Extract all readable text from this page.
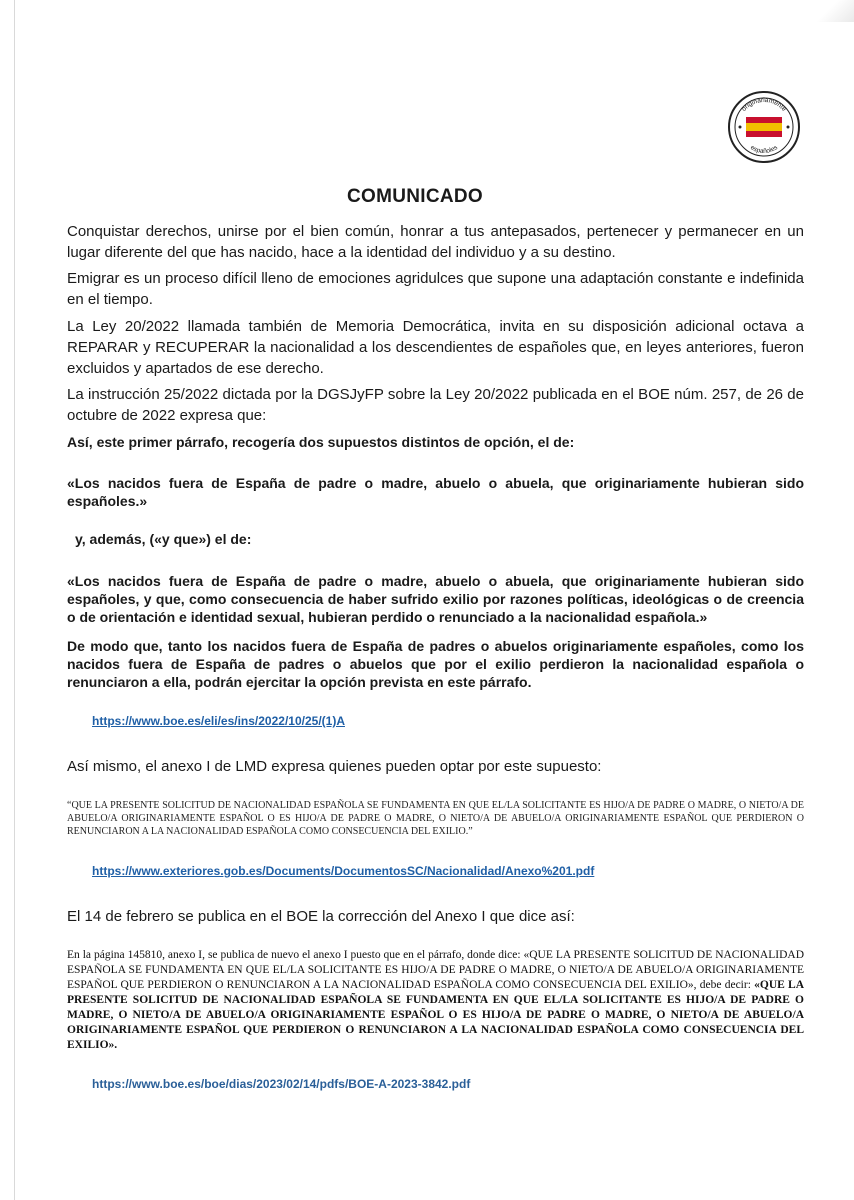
originariamente
españoles
COMUNICADO

Conquistar derechos, unirse por el bien común, honrar a tus antepasados, pertenecer y permanecer en un lugar diferente del que has nacido, hace a la identidad del individuo y a su destino.

Emigrar es un proceso difícil lleno de emociones agridulces que supone una adaptación constante e indefinida en el tiempo.

La Ley 20/2022 llamada también de Memoria Democrática, invita en su disposición adicional octava a REPARAR y RECUPERAR la nacionalidad a los descendientes de españoles que, en leyes anteriores, fueron excluidos y apartados de ese derecho.

La instrucción 25/2022 dictada por la DGSJyFP sobre la Ley 20/2022 publicada en el BOE núm. 257, de 26 de octubre de 2022 expresa que:

Así, este primer párrafo, recogería dos supuestos distintos de opción, el de:

«Los nacidos fuera de España de padre o madre, abuelo o abuela, que originariamente hubieran sido españoles.»

y, además, («y que») el de:

«Los nacidos fuera de España de padre o madre, abuelo o abuela, que originariamente hubieran sido españoles, y que, como consecuencia de haber sufrido exilio por razones políticas, ideológicas o de creencia o de orientación e identidad sexual, hubieran perdido o renunciado a la nacionalidad española.»

De modo que, tanto los nacidos fuera de España de padres o abuelos originariamente españoles, como los nacidos fuera de España de padres o abuelos que por el exilio perdieron la nacionalidad española o renunciaron a ella, podrán ejercitar la opción prevista en este párrafo.

https://www.boe.es/eli/es/ins/2022/10/25/(1)A

Así mismo, el anexo I de LMD expresa quienes pueden optar por este supuesto:

“QUE LA PRESENTE SOLICITUD DE NACIONALIDAD ESPAÑOLA SE FUNDAMENTA EN QUE EL/LA SOLICITANTE ES HIJO/A DE PADRE O MADRE, O NIETO/A DE ABUELO/A ORIGINARIAMENTE ESPAÑOL O ES HIJO/A DE PADRE O MADRE, O NIETO/A DE ABUELO/A ORIGINARIAMENTE ESPAÑOL QUE PERDIERON O RENUNCIARON A LA NACIONALIDAD ESPAÑOLA COMO CONSECUENCIA DEL EXILIO.”

https://www.exteriores.gob.es/Documents/DocumentosSC/Nacionalidad/Anexo%201.pdf

El 14 de febrero se publica en el BOE la corrección del Anexo I que dice así:

En la página 145810, anexo I, se publica de nuevo el anexo I puesto que en el párrafo, donde dice: «QUE LA PRESENTE SOLICITUD DE NACIONALIDAD ESPAÑOLA SE FUNDAMENTA EN QUE EL/LA SOLICITANTE ES HIJO/A DE PADRE O MADRE, O NIETO/A DE ABUELO/A ORIGINARIAMENTE ESPAÑOL QUE PERDIERON O RENUNCIARON A LA NACIONALIDAD ESPAÑOLA COMO CONSECUENCIA DEL EXILIO», debe decir: «QUE LA PRESENTE SOLICITUD DE NACIONALIDAD ESPAÑOLA SE FUNDAMENTA EN QUE EL/LA SOLICITANTE ES HIJO/A DE PADRE O MADRE, O NIETO/A DE ABUELO/A ORIGINARIAMENTE ESPAÑOL O ES HIJO/A DE PADRE O MADRE, O NIETO/A DE ABUELO/A ORIGINARIAMENTE ESPAÑOL QUE PERDIERON O RENUNCIARON A LA NACIONALIDAD ESPAÑOLA COMO CONSECUENCIA DEL EXILIO».

https://www.boe.es/boe/dias/2023/02/14/pdfs/BOE-A-2023-3842.pdf
